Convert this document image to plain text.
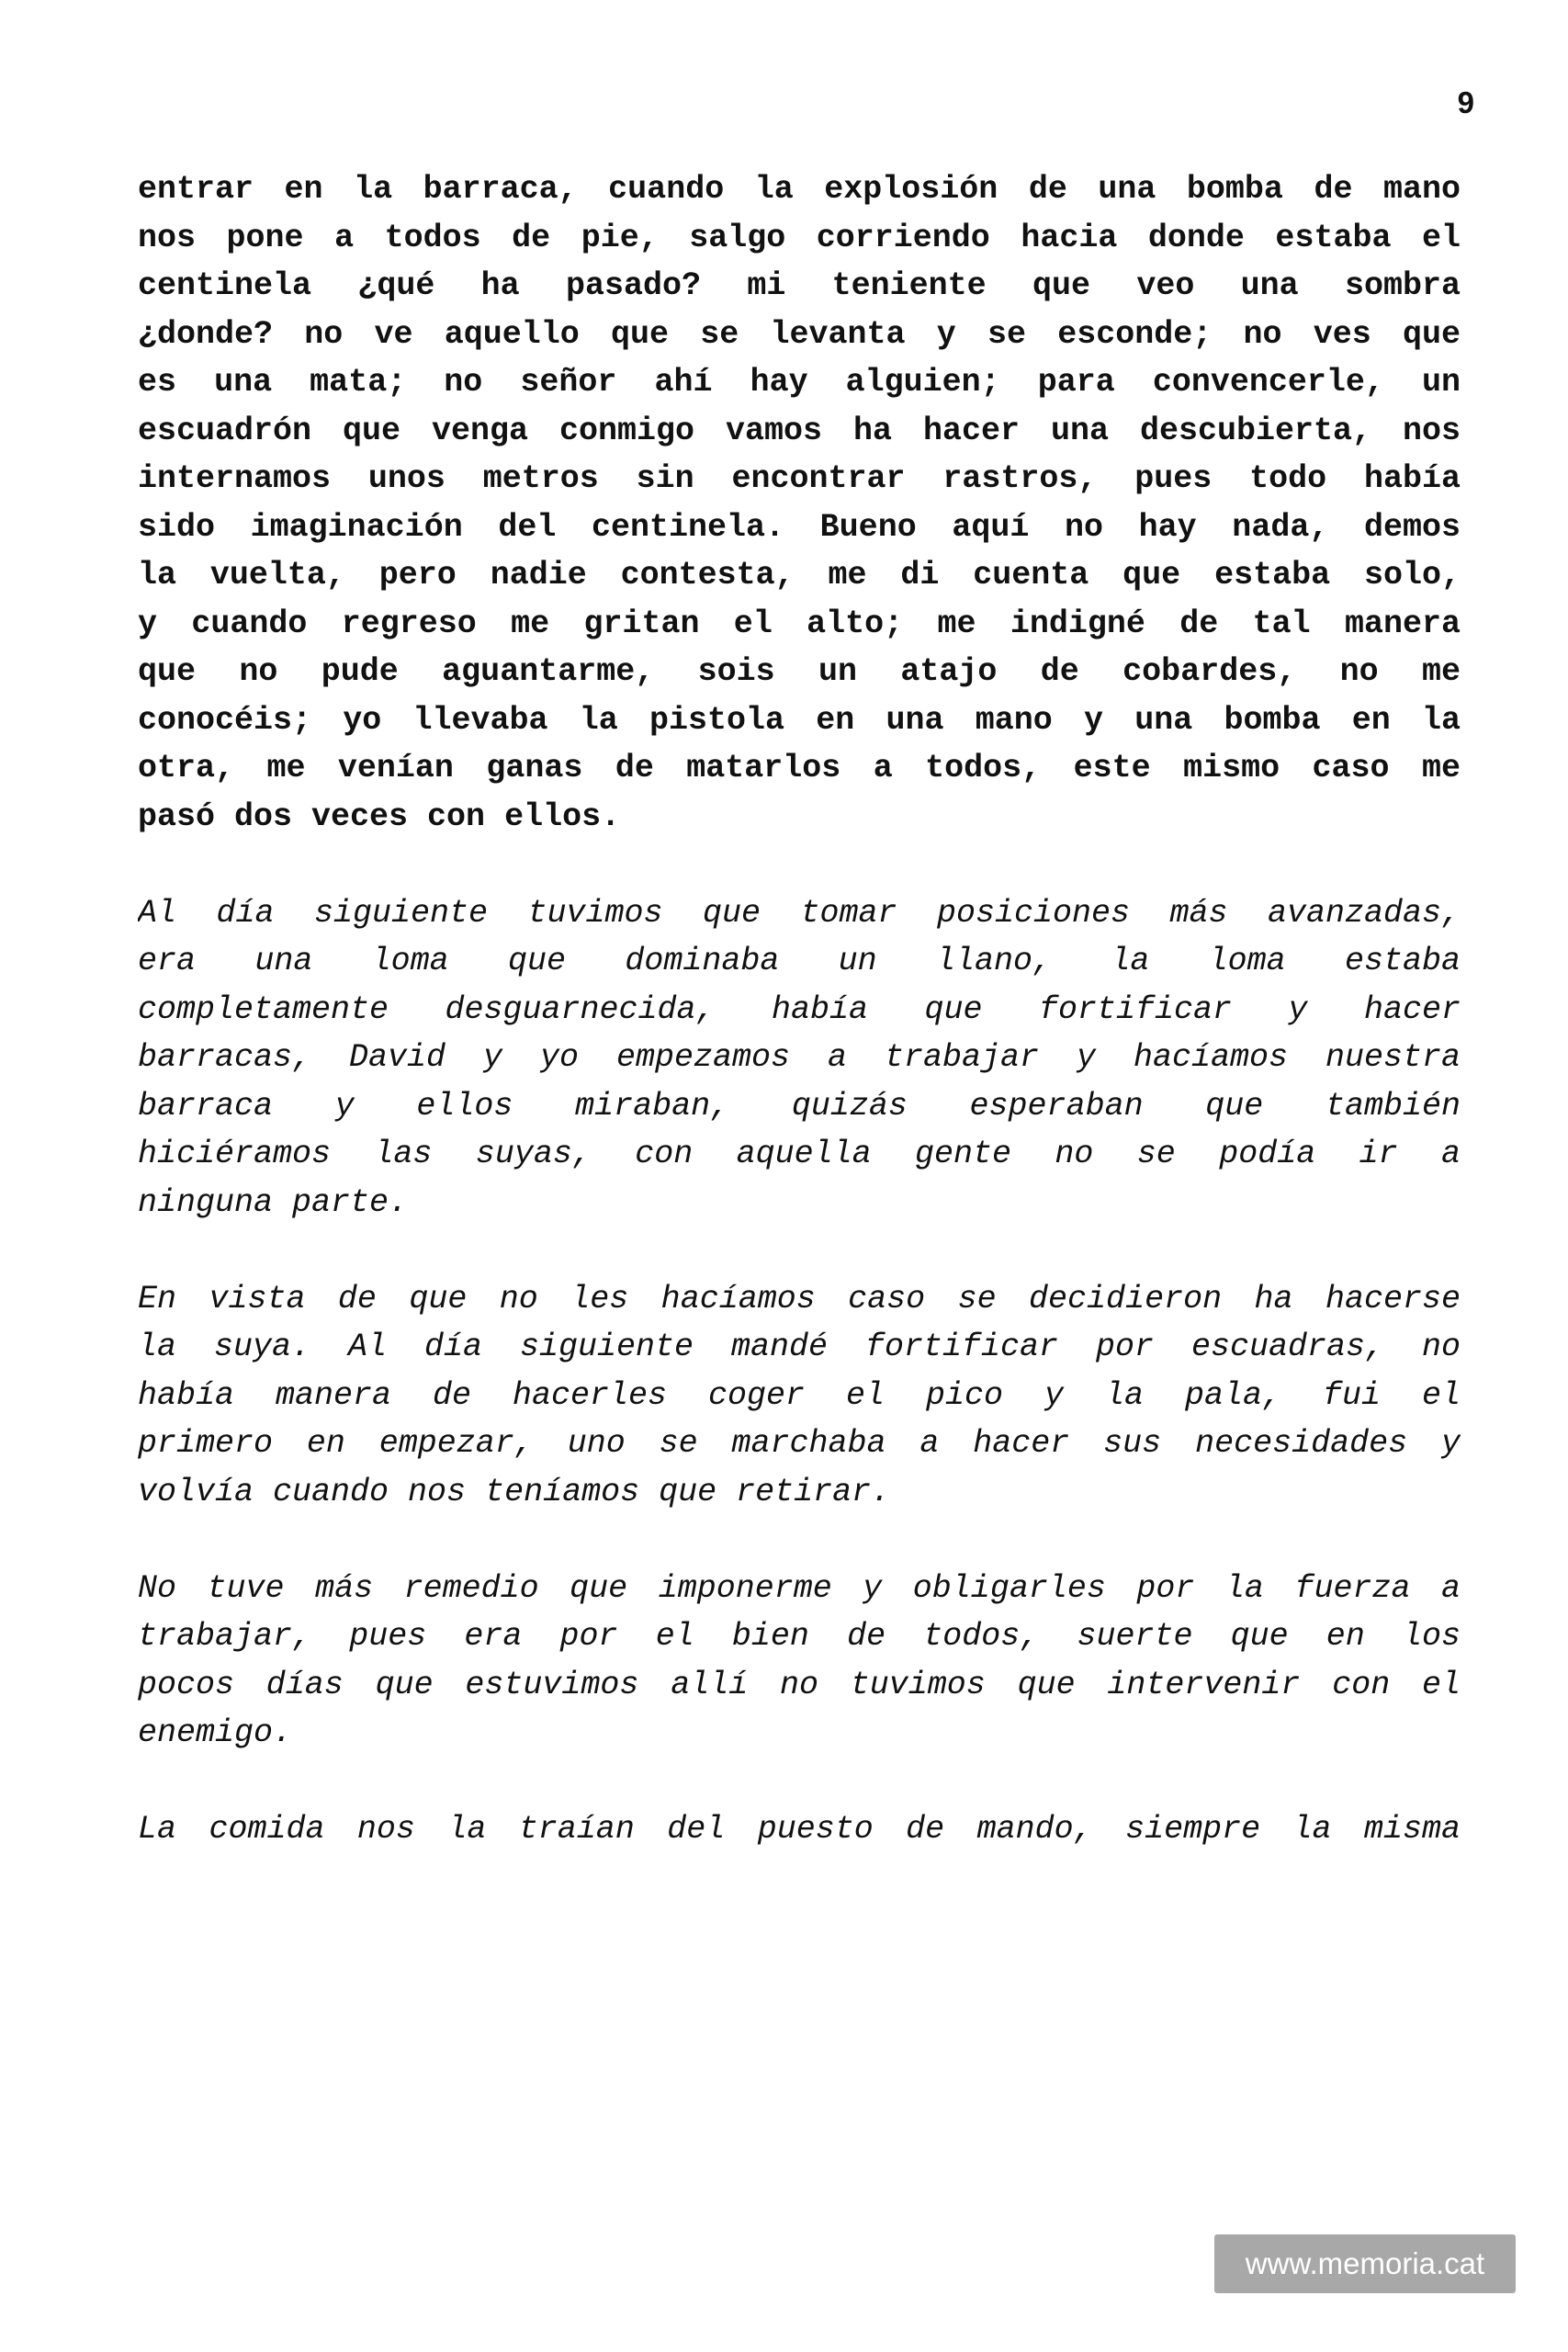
9
entrar en la barraca, cuando la explosión de una bomba de mano
nos pone a todos de pie, salgo corriendo hacia donde estaba el
centinela ¿qué ha pasado? mi teniente que veo una sombra
¿donde? no ve aquello que se levanta y se esconde; no ves que
es una mata; no señor ahí hay alguien; para convencerle, un
escuadrón que venga conmigo vamos ha hacer una descubierta, nos
internamos unos metros sin encontrar rastros, pues todo había
sido imaginación del centinela. Bueno aquí no hay nada, demos
la vuelta, pero nadie contesta, me di cuenta que estaba solo,
y cuando regreso me gritan el alto; me indigné de tal manera
que no pude aguantarme, sois un atajo de cobardes, no me
conocéis; yo llevaba la pistola en una mano y una bomba en la
otra, me venían ganas de matarlos a todos, este mismo caso me
pasó dos veces con ellos.
Al día siguiente tuvimos que tomar posiciones más avanzadas,
era una loma que dominaba un llano, la loma estaba
completamente desguarnecida, había que fortificar y hacer
barracas, David y yo empezamos a trabajar y hacíamos nuestra
barraca y ellos miraban, quizás esperaban que también
hiciéramos las suyas, con aquella gente no se podía ir a
ninguna parte.
En vista de que no les hacíamos caso se decidieron ha hacerse
la suya. Al día siguiente mandé fortificar por escuadras, no
había manera de hacerles coger el pico y la pala, fui el
primero en empezar, uno se marchaba a hacer sus necesidades y
volvía cuando nos teníamos que retirar.
No tuve más remedio que imponerme y obligarles por la fuerza a
trabajar, pues era por el bien de todos, suerte que en los
pocos días que estuvimos allí no tuvimos que intervenir con el
enemigo.
La comida nos la traían del puesto de mando, siempre la misma
www.memoria.cat
